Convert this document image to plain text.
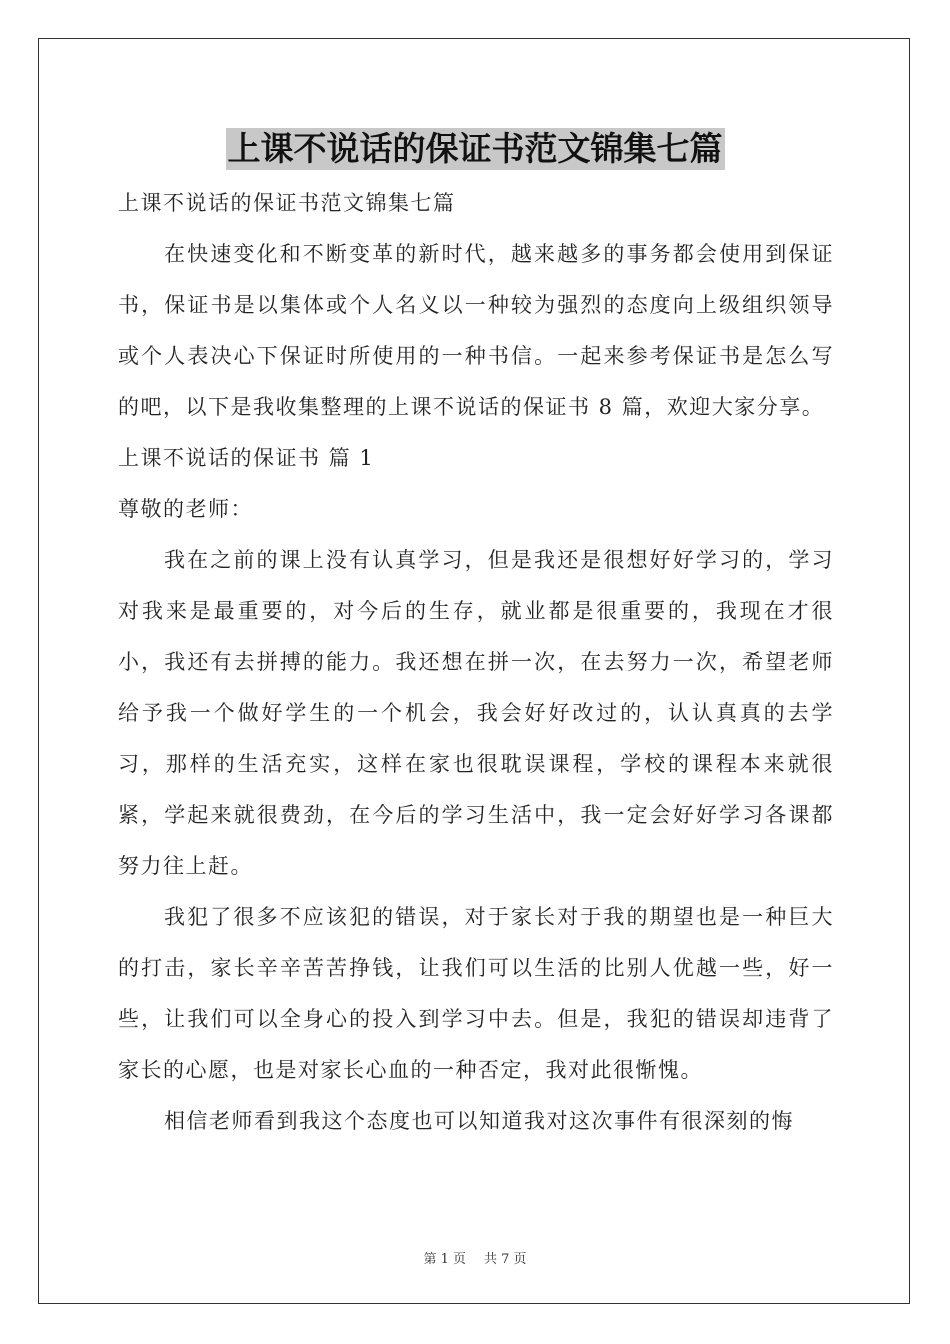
上课不说话的保证书范文锦集七篇

上课不说话的保证书范文锦集七篇

在快速变化和不断变革的新时代，越来越多的事务都会使用到保证书，保证书是以集体或个人名义以一种较为强烈的态度向上级组织领导或个人表决心下保证时所使用的一种书信。一起来参考保证书是怎么写的吧，以下是我收集整理的上课不说话的保证书 8 篇，欢迎大家分享。

上课不说话的保证书 篇 1

尊敬的老师：

我在之前的课上没有认真学习，但是我还是很想好好学习的，学习对我来是最重要的，对今后的生存，就业都是很重要的，我现在才很小，我还有去拼搏的能力。我还想在拼一次，在去努力一次，希望老师给予我一个做好学生的一个机会，我会好好改过的，认认真真的去学习，那样的生活充实，这样在家也很耽误课程，学校的课程本来就很紧，学起来就很费劲，在今后的学习生活中，我一定会好好学习各课都努力往上赶。

我犯了很多不应该犯的错误，对于家长对于我的期望也是一种巨大的打击，家长辛辛苦苦挣钱，让我们可以生活的比别人优越一些，好一些，让我们可以全身心的投入到学习中去。但是，我犯的错误却违背了家长的心愿，也是对家长心血的一种否定，我对此很惭愧。

相信老师看到我这个态度也可以知道我对这次事件有很深刻的悔

第 1 页 共 7 页
